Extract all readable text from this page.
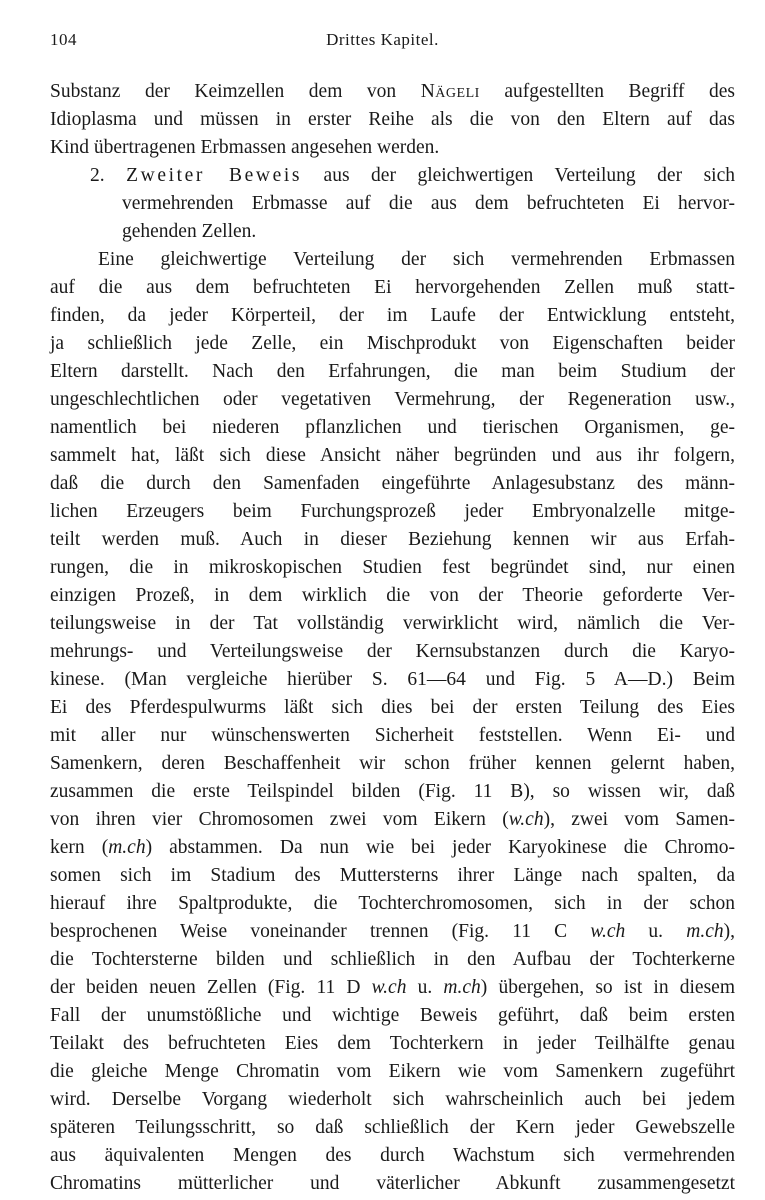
104	Drittes Kapitel.
Substanz der Keimzellen dem von Nägeli aufgestellten Begriff des
Idioplasma und müssen in erster Reihe als die von den Eltern auf das
Kind übertragenen Erbmassen angesehen werden.
2. Zweiter Beweis aus der gleichwertigen Verteilung der sich
vermehrenden Erbmasse auf die aus dem befruchteten Ei hervor-
gehenden Zellen.
Eine gleichwertige Verteilung der sich vermehrenden Erbmassen
auf die aus dem befruchteten Ei hervorgehenden Zellen muß statt-
finden, da jeder Körperteil, der im Laufe der Entwicklung entsteht,
ja schließlich jede Zelle, ein Mischprodukt von Eigenschaften beider
Eltern darstellt. Nach den Erfahrungen, die man beim Studium der
ungeschlechtlichen oder vegetativen Vermehrung, der Regeneration usw.,
namentlich bei niederen pflanzlichen und tierischen Organismen, ge-
sammelt hat, läßt sich diese Ansicht näher begründen und aus ihr folgern,
daß die durch den Samenfaden eingeführte Anlagesubstanz des männ-
lichen Erzeugers beim Furchungsprozeß jeder Embryonalzelle mitge-
teilt werden muß. Auch in dieser Beziehung kennen wir aus Erfah-
rungen, die in mikroskopischen Studien fest begründet sind, nur einen
einzigen Prozeß, in dem wirklich die von der Theorie geforderte Ver-
teilungsweise in der Tat vollständig verwirklicht wird, nämlich die Ver-
mehrungs- und Verteilungsweise der Kernsubstanzen durch die Karyo-
kinese. (Man vergleiche hierüber S. 61—64 und Fig. 5 A—D.) Beim
Ei des Pferdespulwurms läßt sich dies bei der ersten Teilung des Eies
mit aller nur wünschenswerten Sicherheit feststellen. Wenn Ei- und
Samenkern, deren Beschaffenheit wir schon früher kennen gelernt haben,
zusammen die erste Teilspindel bilden (Fig. 11 B), so wissen wir, daß
von ihren vier Chromosomen zwei vom Eikern (w.ch), zwei vom Samen-
kern (m.ch) abstammen. Da nun wie bei jeder Karyokinese die Chromo-
somen sich im Stadium des Muttersterns ihrer Länge nach spalten, da
hierauf ihre Spaltprodukte, die Tochterchromosomen, sich in der schon
besprochenen Weise voneinander trennen (Fig. 11 C w.ch u. m.ch),
die Tochtersterne bilden und schließlich in den Aufbau der Tochterkerne
der beiden neuen Zellen (Fig. 11 D w.ch u. m.ch) übergehen, so ist in diesem
Fall der unumstößliche und wichtige Beweis geführt, daß beim ersten
Teilakt des befruchteten Eies dem Tochterkern in jeder Teilhälfte genau
die gleiche Menge Chromatin vom Eikern wie vom Samenkern zugeführt
wird. Derselbe Vorgang wiederholt sich wahrscheinlich auch bei jedem
späteren Teilungsschritt, so daß schließlich der Kern jeder Gewebszelle
aus äquivalenten Mengen des durch Wachstum sich vermehrenden
Chromatins mütterlicher und väterlicher Abkunft zusammengesetzt
